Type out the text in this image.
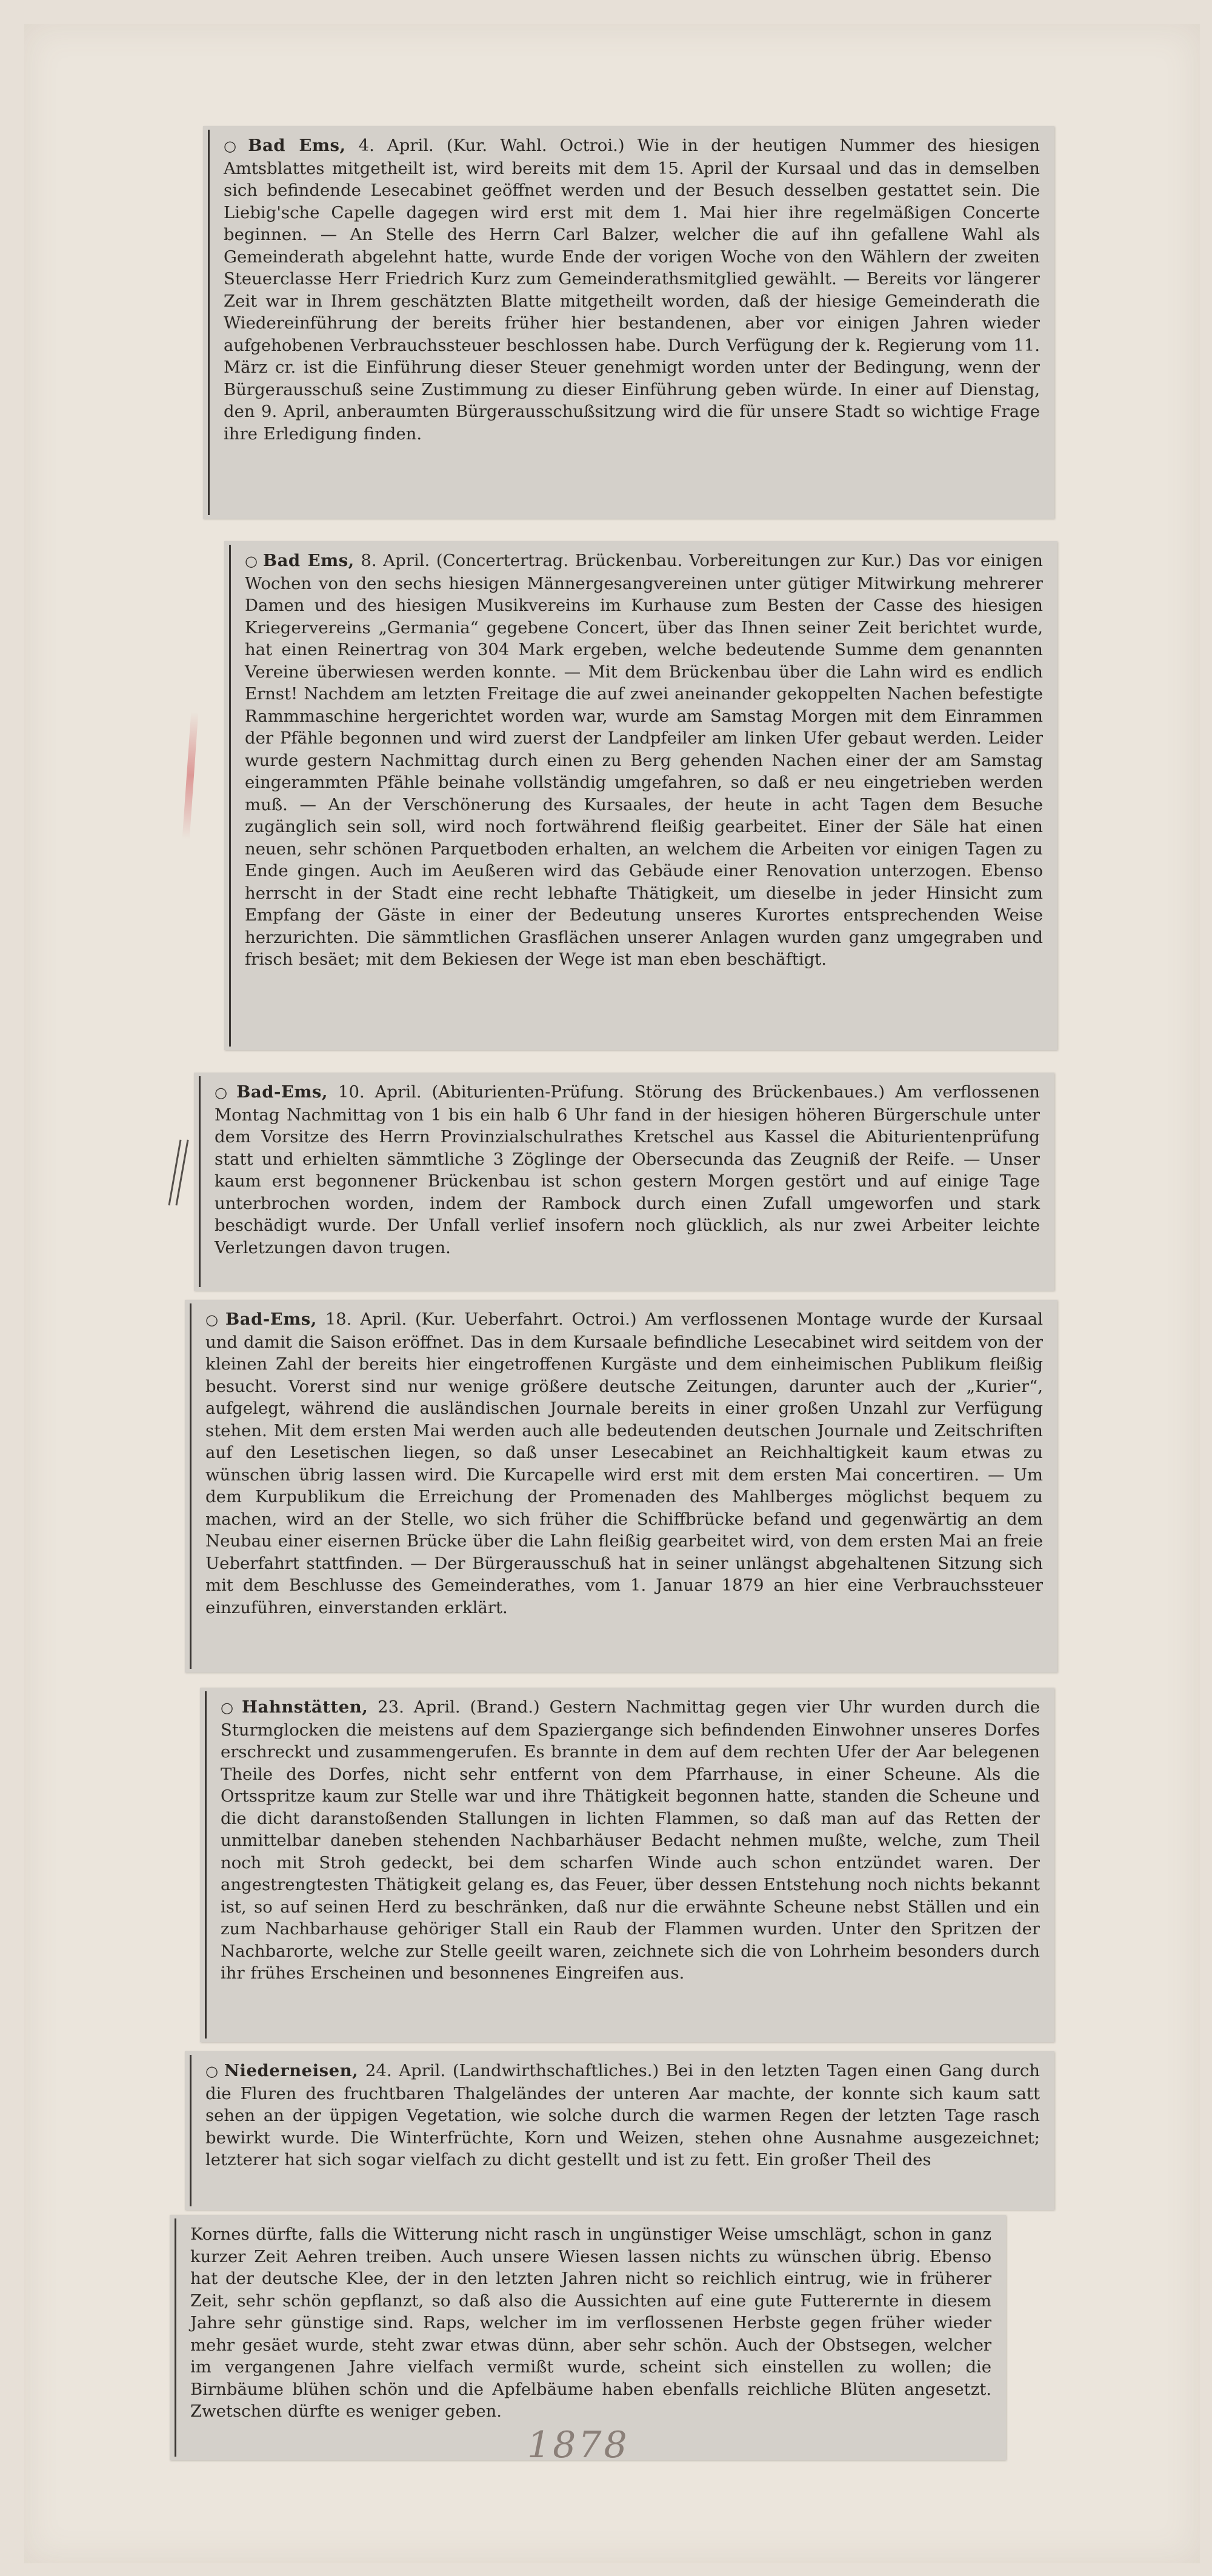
○ Bad Ems, 4. April. (Kur. Wahl. Octroi.) Wie in der heutigen Nummer des hiesigen Amtsblattes mitgetheilt ist, wird bereits mit dem 15. April der Kursaal und das in demselben sich befindende Lesecabinet geöffnet werden und der Besuch desselben gestattet sein. Die Liebig'sche Capelle dagegen wird erst mit dem 1. Mai hier ihre regelmäßigen Concerte beginnen. — An Stelle des Herrn Carl Balzer, welcher die auf ihn gefallene Wahl als Gemeinderath abgelehnt hatte, wurde Ende der vorigen Woche von den Wählern der zweiten Steuerclasse Herr Friedrich Kurz zum Gemeinderathsmitglied gewählt. — Bereits vor längerer Zeit war in Ihrem geschätzten Blatte mitgetheilt worden, daß der hiesige Gemeinderath die Wiedereinführung der bereits früher hier bestandenen, aber vor einigen Jahren wieder aufgehobenen Verbrauchssteuer beschlossen habe. Durch Verfügung der k. Regierung vom 11. März cr. ist die Einführung dieser Steuer genehmigt worden unter der Bedingung, wenn der Bürgerausschuß seine Zustimmung zu dieser Einführung geben würde. In einer auf Dienstag, den 9. April, anberaumten Bürgerausschußsitzung wird die für unsere Stadt so wichtige Frage ihre Erledigung finden.

○ Bad Ems, 8. April. (Concertertrag. Brückenbau. Vorbereitungen zur Kur.) Das vor einigen Wochen von den sechs hiesigen Männergesangvereinen unter gütiger Mitwirkung mehrerer Damen und des hiesigen Musikvereins im Kurhause zum Besten der Casse des hiesigen Kriegervereins „Germania“ gegebene Concert, über das Ihnen seiner Zeit berichtet wurde, hat einen Reinertrag von 304 Mark ergeben, welche bedeutende Summe dem genannten Vereine überwiesen werden konnte. — Mit dem Brückenbau über die Lahn wird es endlich Ernst! Nachdem am letzten Freitage die auf zwei aneinander gekoppelten Nachen befestigte Rammmaschine hergerichtet worden war, wurde am Samstag Morgen mit dem Einrammen der Pfähle begonnen und wird zuerst der Landpfeiler am linken Ufer gebaut werden. Leider wurde gestern Nachmittag durch einen zu Berg gehenden Nachen einer der am Samstag eingerammten Pfähle beinahe vollständig umgefahren, so daß er neu eingetrieben werden muß. — An der Verschönerung des Kursaales, der heute in acht Tagen dem Besuche zugänglich sein soll, wird noch fortwährend fleißig gearbeitet. Einer der Säle hat einen neuen, sehr schönen Parquetboden erhalten, an welchem die Arbeiten vor einigen Tagen zu Ende gingen. Auch im Aeußeren wird das Gebäude einer Renovation unterzogen. Ebenso herrscht in der Stadt eine recht lebhafte Thätigkeit, um dieselbe in jeder Hinsicht zum Empfang der Gäste in einer der Bedeutung unseres Kurortes entsprechenden Weise herzurichten. Die sämmtlichen Grasflächen unserer Anlagen wurden ganz umgegraben und frisch besäet; mit dem Bekiesen der Wege ist man eben beschäftigt.

○ Bad-Ems, 10. April. (Abiturienten-Prüfung. Störung des Brückenbaues.) Am verflossenen Montag Nachmittag von 1 bis ein halb 6 Uhr fand in der hiesigen höheren Bürgerschule unter dem Vorsitze des Herrn Provinzialschulrathes Kretschel aus Kassel die Abiturientenprüfung statt und erhielten sämmtliche 3 Zöglinge der Obersecunda das Zeugniß der Reife. — Unser kaum erst begonnener Brückenbau ist schon gestern Morgen gestört und auf einige Tage unterbrochen worden, indem der Rambock durch einen Zufall umgeworfen und stark beschädigt wurde. Der Unfall verlief insofern noch glücklich, als nur zwei Arbeiter leichte Verletzungen davon trugen.

○ Bad-Ems, 18. April. (Kur. Ueberfahrt. Octroi.) Am verflossenen Montage wurde der Kursaal und damit die Saison eröffnet. Das in dem Kursaale befindliche Lesecabinet wird seitdem von der kleinen Zahl der bereits hier eingetroffenen Kurgäste und dem einheimischen Publikum fleißig besucht. Vorerst sind nur wenige größere deutsche Zeitungen, darunter auch der „Kurier“, aufgelegt, während die ausländischen Journale bereits in einer großen Unzahl zur Verfügung stehen. Mit dem ersten Mai werden auch alle bedeutenden deutschen Journale und Zeitschriften auf den Lesetischen liegen, so daß unser Lesecabinet an Reichhaltigkeit kaum etwas zu wünschen übrig lassen wird. Die Kurcapelle wird erst mit dem ersten Mai concertiren. — Um dem Kurpublikum die Erreichung der Promenaden des Mahlberges möglichst bequem zu machen, wird an der Stelle, wo sich früher die Schiffbrücke befand und gegenwärtig an dem Neubau einer eisernen Brücke über die Lahn fleißig gearbeitet wird, von dem ersten Mai an freie Ueberfahrt stattfinden. — Der Bürgerausschuß hat in seiner unlängst abgehaltenen Sitzung sich mit dem Beschlusse des Gemeinderathes, vom 1. Januar 1879 an hier eine Verbrauchssteuer einzuführen, einverstanden erklärt.

○ Hahnstätten, 23. April. (Brand.) Gestern Nachmittag gegen vier Uhr wurden durch die Sturmglocken die meistens auf dem Spaziergange sich befindenden Einwohner unseres Dorfes erschreckt und zusammengerufen. Es brannte in dem auf dem rechten Ufer der Aar belegenen Theile des Dorfes, nicht sehr entfernt von dem Pfarrhause, in einer Scheune. Als die Ortsspritze kaum zur Stelle war und ihre Thätigkeit begonnen hatte, standen die Scheune und die dicht daranstoßenden Stallungen in lichten Flammen, so daß man auf das Retten der unmittelbar daneben stehenden Nachbarhäuser Bedacht nehmen mußte, welche, zum Theil noch mit Stroh gedeckt, bei dem scharfen Winde auch schon entzündet waren. Der angestrengtesten Thätigkeit gelang es, das Feuer, über dessen Entstehung noch nichts bekannt ist, so auf seinen Herd zu beschränken, daß nur die erwähnte Scheune nebst Ställen und ein zum Nachbarhause gehöriger Stall ein Raub der Flammen wurden. Unter den Spritzen der Nachbarorte, welche zur Stelle geeilt waren, zeichnete sich die von Lohrheim besonders durch ihr frühes Erscheinen und besonnenes Eingreifen aus.

○ Niederneisen, 24. April. (Landwirthschaftliches.) Bei in den letzten Tagen einen Gang durch die Fluren des fruchtbaren Thalgeländes der unteren Aar machte, der konnte sich kaum satt sehen an der üppigen Vegetation, wie solche durch die warmen Regen der letzten Tage rasch bewirkt wurde. Die Winterfrüchte, Korn und Weizen, stehen ohne Ausnahme ausgezeichnet; letzterer hat sich sogar vielfach zu dicht gestellt und ist zu fett. Ein großer Theil des

Kornes dürfte, falls die Witterung nicht rasch in ungünstiger Weise umschlägt, schon in ganz kurzer Zeit Aehren treiben. Auch unsere Wiesen lassen nichts zu wünschen übrig. Ebenso hat der deutsche Klee, der in den letzten Jahren nicht so reichlich eintrug, wie in früherer Zeit, sehr schön gepflanzt, so daß also die Aussichten auf eine gute Futterernte in diesem Jahre sehr günstige sind. Raps, welcher im im verflossenen Herbste gegen früher wieder mehr gesäet wurde, steht zwar etwas dünn, aber sehr schön. Auch der Obstsegen, welcher im vergangenen Jahre vielfach vermißt wurde, scheint sich einstellen zu wollen; die Birnbäume blühen schön und die Apfelbäume haben ebenfalls reichliche Blüten angesetzt. Zwetschen dürfte es weniger geben.

1878
